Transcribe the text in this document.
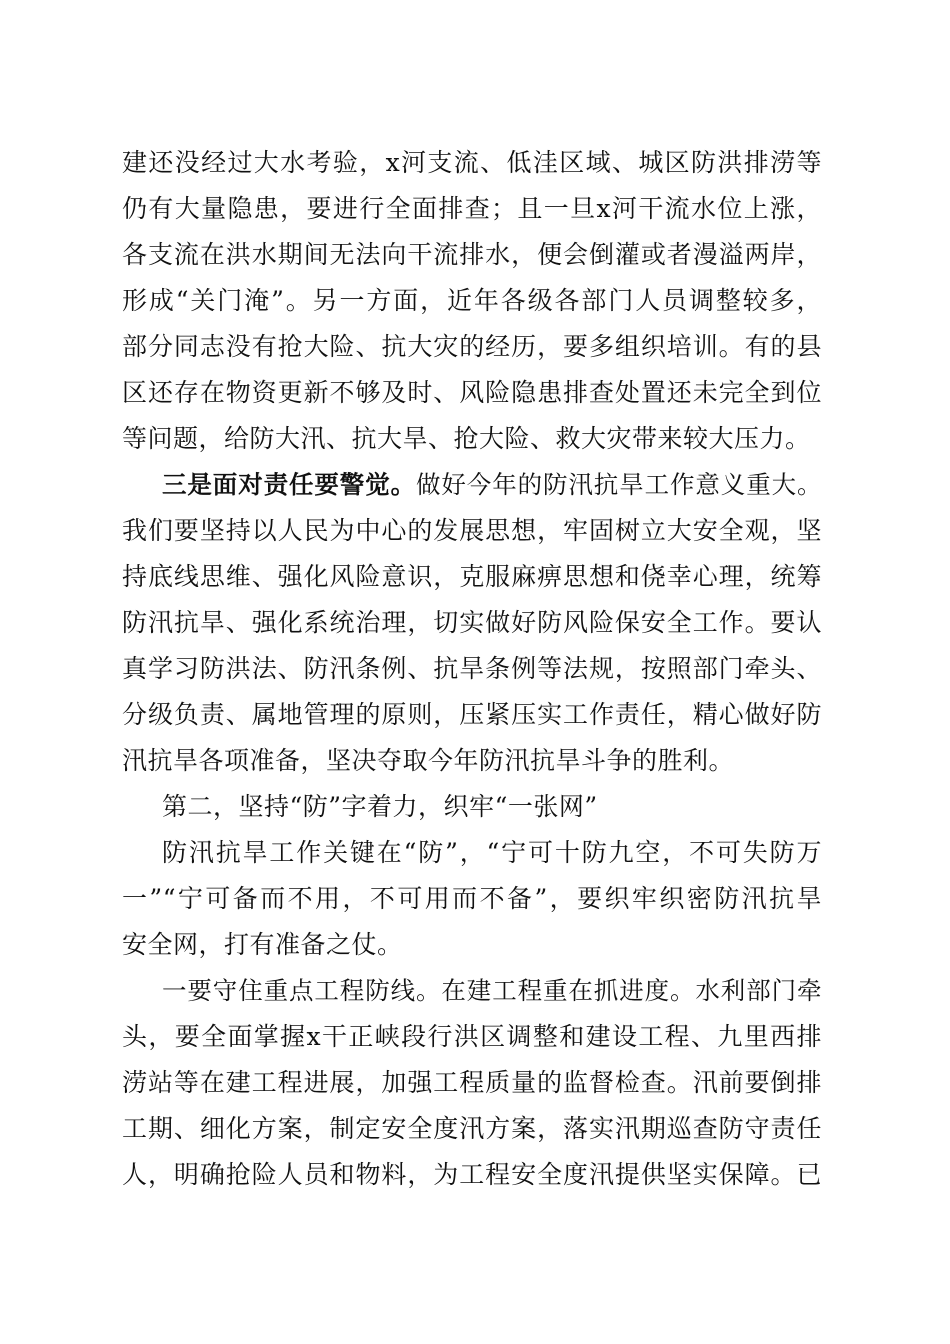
建还没经过大水考验，x河支流、低洼区域、城区防洪排涝等
仍有大量隐患，要进行全面排查；且一旦x河干流水位上涨，
各支流在洪水期间无法向干流排水，便会倒灌或者漫溢两岸，
形成“关门淹”。另一方面，近年各级各部门人员调整较多，
部分同志没有抢大险、抗大灾的经历，要多组织培训。有的县
区还存在物资更新不够及时、风险隐患排查处置还未完全到位
等问题，给防大汛、抗大旱、抢大险、救大灾带来较大压力。
三是面对责任要警觉。做好今年的防汛抗旱工作意义重大。
我们要坚持以人民为中心的发展思想，牢固树立大安全观，坚
持底线思维、强化风险意识，克服麻痹思想和侥幸心理，统筹
防汛抗旱、强化系统治理，切实做好防风险保安全工作。要认
真学习防洪法、防汛条例、抗旱条例等法规，按照部门牵头、
分级负责、属地管理的原则，压紧压实工作责任，精心做好防
汛抗旱各项准备，坚决夺取今年防汛抗旱斗争的胜利。
第二，坚持“防”字着力，织牢“一张网”
防汛抗旱工作关键在“防”，“宁可十防九空，不可失防万
一”“宁可备而不用，不可用而不备”，要织牢织密防汛抗旱
安全网，打有准备之仗。
一要守住重点工程防线。在建工程重在抓进度。水利部门牵
头，要全面掌握x干正峡段行洪区调整和建设工程、九里西排
涝站等在建工程进展，加强工程质量的监督检查。汛前要倒排
工期、细化方案，制定安全度汛方案，落实汛期巡查防守责任
人，明确抢险人员和物料，为工程安全度汛提供坚实保障。已
